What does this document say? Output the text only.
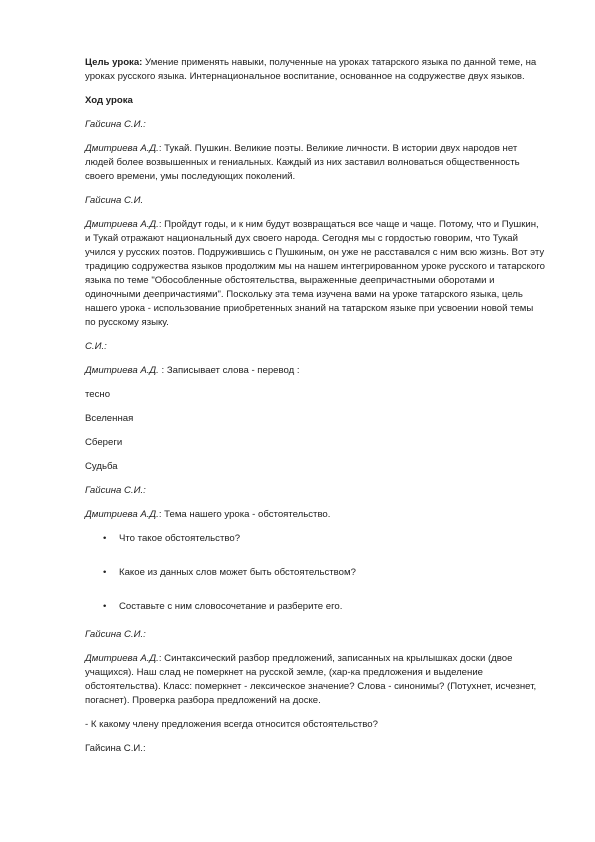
Цель урока: Умение применять навыки, полученные на уроках татарского языка по данной теме, на уроках русского языка. Интернациональное воспитание, основанное на содружестве двух языков.

Ход урока

Гайсина С.И.:

Дмитриева А.Д.: Тукай. Пушкин. Великие поэты. Великие личности. В истории двух народов нет людей более возвышенных и гениальных. Каждый из них заставил волноваться общественность своего времени, умы последующих поколений.

Гайсина С.И.

Дмитриева А.Д.: Пройдут годы, и к ним будут возвращаться все чаще и чаще. Потому, что и Пушкин, и Тукай отражают национальный дух своего народа. Сегодня мы с гордостью говорим, что Тукай учился у русских поэтов. Подружившись с Пушкиным, он уже не расставался с ним всю жизнь. Вот эту традицию содружества языков продолжим мы на нашем интегрированном уроке русского и татарского языка по теме "Обособленные обстоятельства, выраженные деепричастными оборотами и одиночными деепричастиями". Поскольку эта тема изучена вами на уроке татарского языка, цель нашего урока - использование приобретенных знаний на татарском языке при усвоении новой темы по русскому языку.

С.И.:

Дмитриева А.Д. : Записывает слова - перевод :

тесно

Вселенная

Сбереги

Судьба

Гайсина С.И.:

Дмитриева А.Д.: Тема нашего урока - обстоятельство.

• Что такое обстоятельство?
• Какое из данных слов может быть обстоятельством?
• Составьте с ним словосочетание и разберите его.

Гайсина С.И.:

Дмитриева А.Д.: Синтаксический разбор предложений, записанных на крылышках доски (двое учащихся). Наш слад не померкнет на русской земле, (хар-ка предложения и выделение обстоятельства). Класс: померкнет - лексическое значение? Слова - синонимы? (Потухнет, исчезнет, погаснет). Проверка разбора предложений на доске.

- К какому члену предложения всегда относится обстоятельство?

Гайсина С.И.:
